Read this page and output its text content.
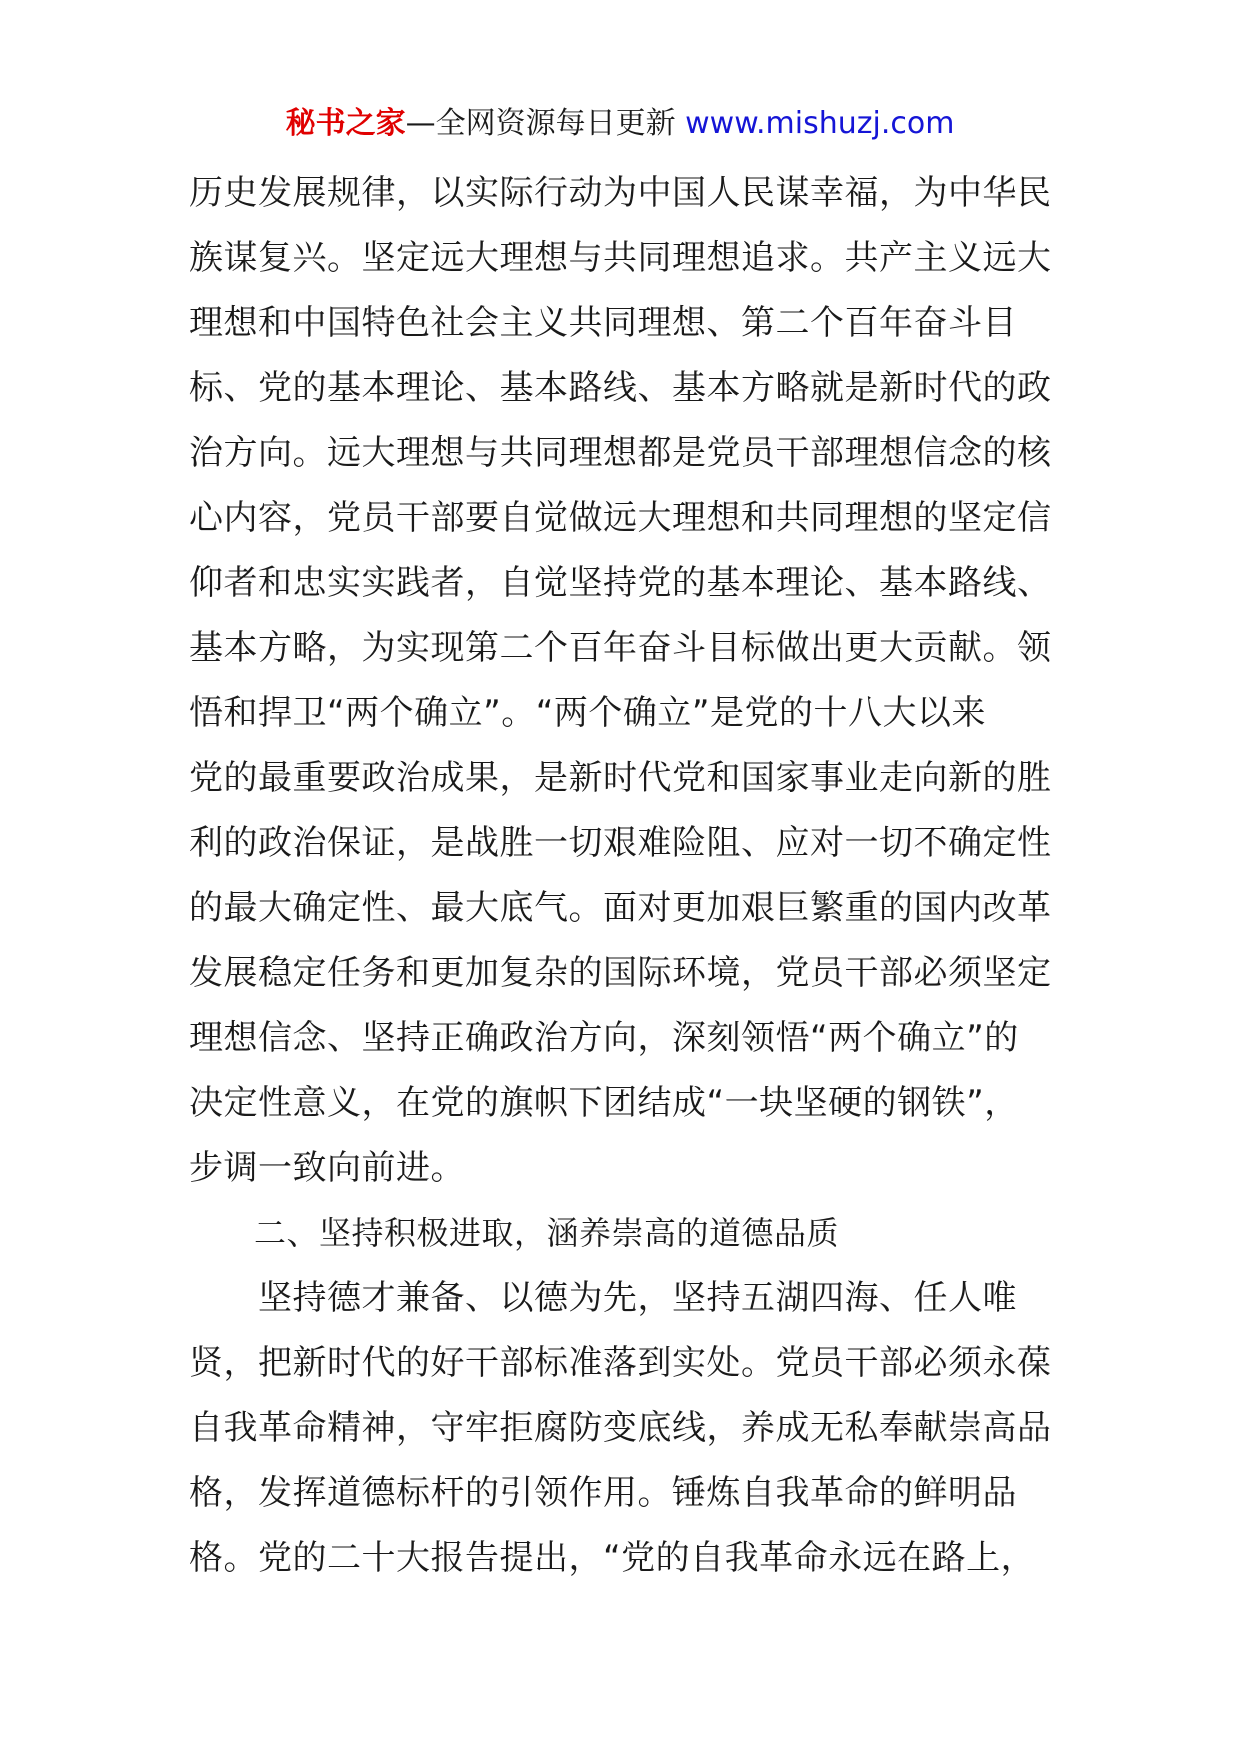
秘书之家—全网资源每日更新 www.mishuzj.com
历史发展规律，以实际行动为中国人民谋幸福，为中华民
族谋复兴。坚定远大理想与共同理想追求。共产主义远大
理想和中国特色社会主义共同理想、第二个百年奋斗目
标、党的基本理论、基本路线、基本方略就是新时代的政
治方向。远大理想与共同理想都是党员干部理想信念的核
心内容，党员干部要自觉做远大理想和共同理想的坚定信
仰者和忠实实践者，自觉坚持党的基本理论、基本路线、
基本方略，为实现第二个百年奋斗目标做出更大贡献。领
悟和捍卫“两个确立”。“两个确立”是党的十八大以来
党的最重要政治成果，是新时代党和国家事业走向新的胜
利的政治保证，是战胜一切艰难险阻、应对一切不确定性
的最大确定性、最大底气。面对更加艰巨繁重的国内改革
发展稳定任务和更加复杂的国际环境，党员干部必须坚定
理想信念、坚持正确政治方向，深刻领悟“两个确立”的
决定性意义，在党的旗帜下团结成“一块坚硬的钢铁”，
步调一致向前进。
　　二、坚持积极进取，涵养崇高的道德品质
　　坚持德才兼备、以德为先，坚持五湖四海、任人唯
贤，把新时代的好干部标准落到实处。党员干部必须永葆
自我革命精神，守牢拒腐防变底线，养成无私奉献崇高品
格，发挥道德标杆的引领作用。锤炼自我革命的鲜明品
格。党的二十大报告提出，“党的自我革命永远在路上，
